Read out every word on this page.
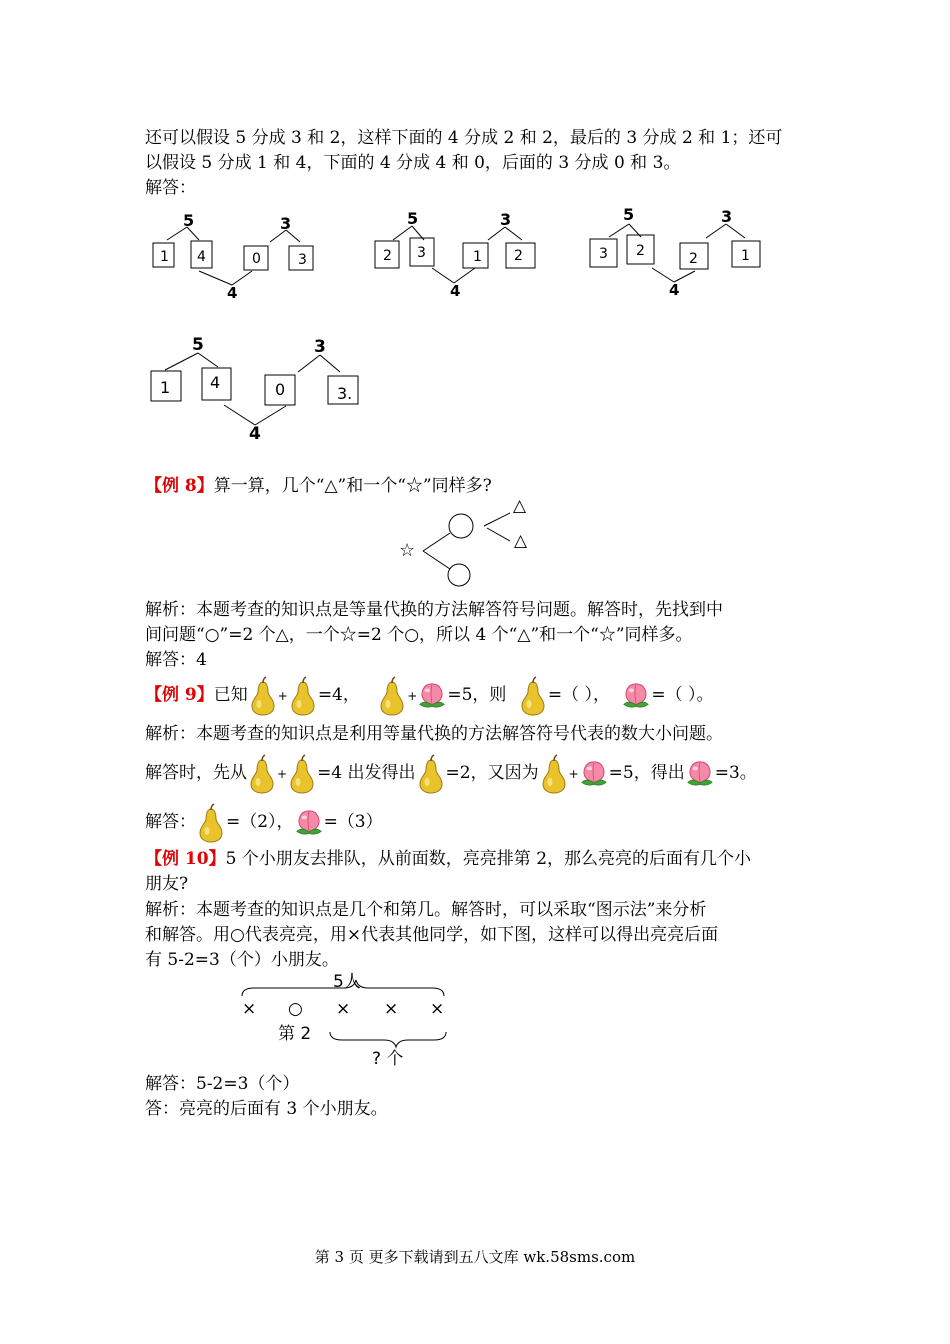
还可以假设 5 分成 3 和 2，这样下面的 4 分成 2 和 2，最后的 3 分成 2 和 1；还可
以假设 5 分成 1 和 4，下面的 4 分成 4 和 0，后面的 3 分成 0 和 3。
解答：
5	3
1 4	0	3
4
5	3
2 3	1 2
4
5	3
3 2	2	1
4
5	3
1 4	0	3.
4
【例 8】算一算，几个“△”和一个“☆”同样多?
☆
△
△
解析：本题考查的知识点是等量代换的方法解答符号问题。解答时，先找到中
间问题“○”=2 个△，一个☆=2 个○，所以 4 个“△”和一个“☆”同样多。
解答：4
【例 9】已知	+ =4，	+ =5，则 =（ ）， =（ ）。
解析：本题考查的知识点是利用等量代换的方法解答符号代表的数大小问题。
解答时，先从	+ =4 出发得出 =2，又因为	+ =5，得出 =3。
解答： =（2）， =（3）
【例 10】5 个小朋友去排队，从前面数，亮亮排第 2，那么亮亮的后面有几个小
朋友?
解析：本题考查的知识点是几个和第几。解答时，可以采取“图示法”来分析
和解答。用○代表亮亮，用×代表其他同学，如下图，这样可以得出亮亮后面
有 5-2=3（个）小朋友。
5人
× ○ × × ×
第 2
? 个
解答：5-2=3（个）
答：亮亮的后面有 3 个小朋友。
第 3 页 更多下载请到五八文库 wk.58sms.com
